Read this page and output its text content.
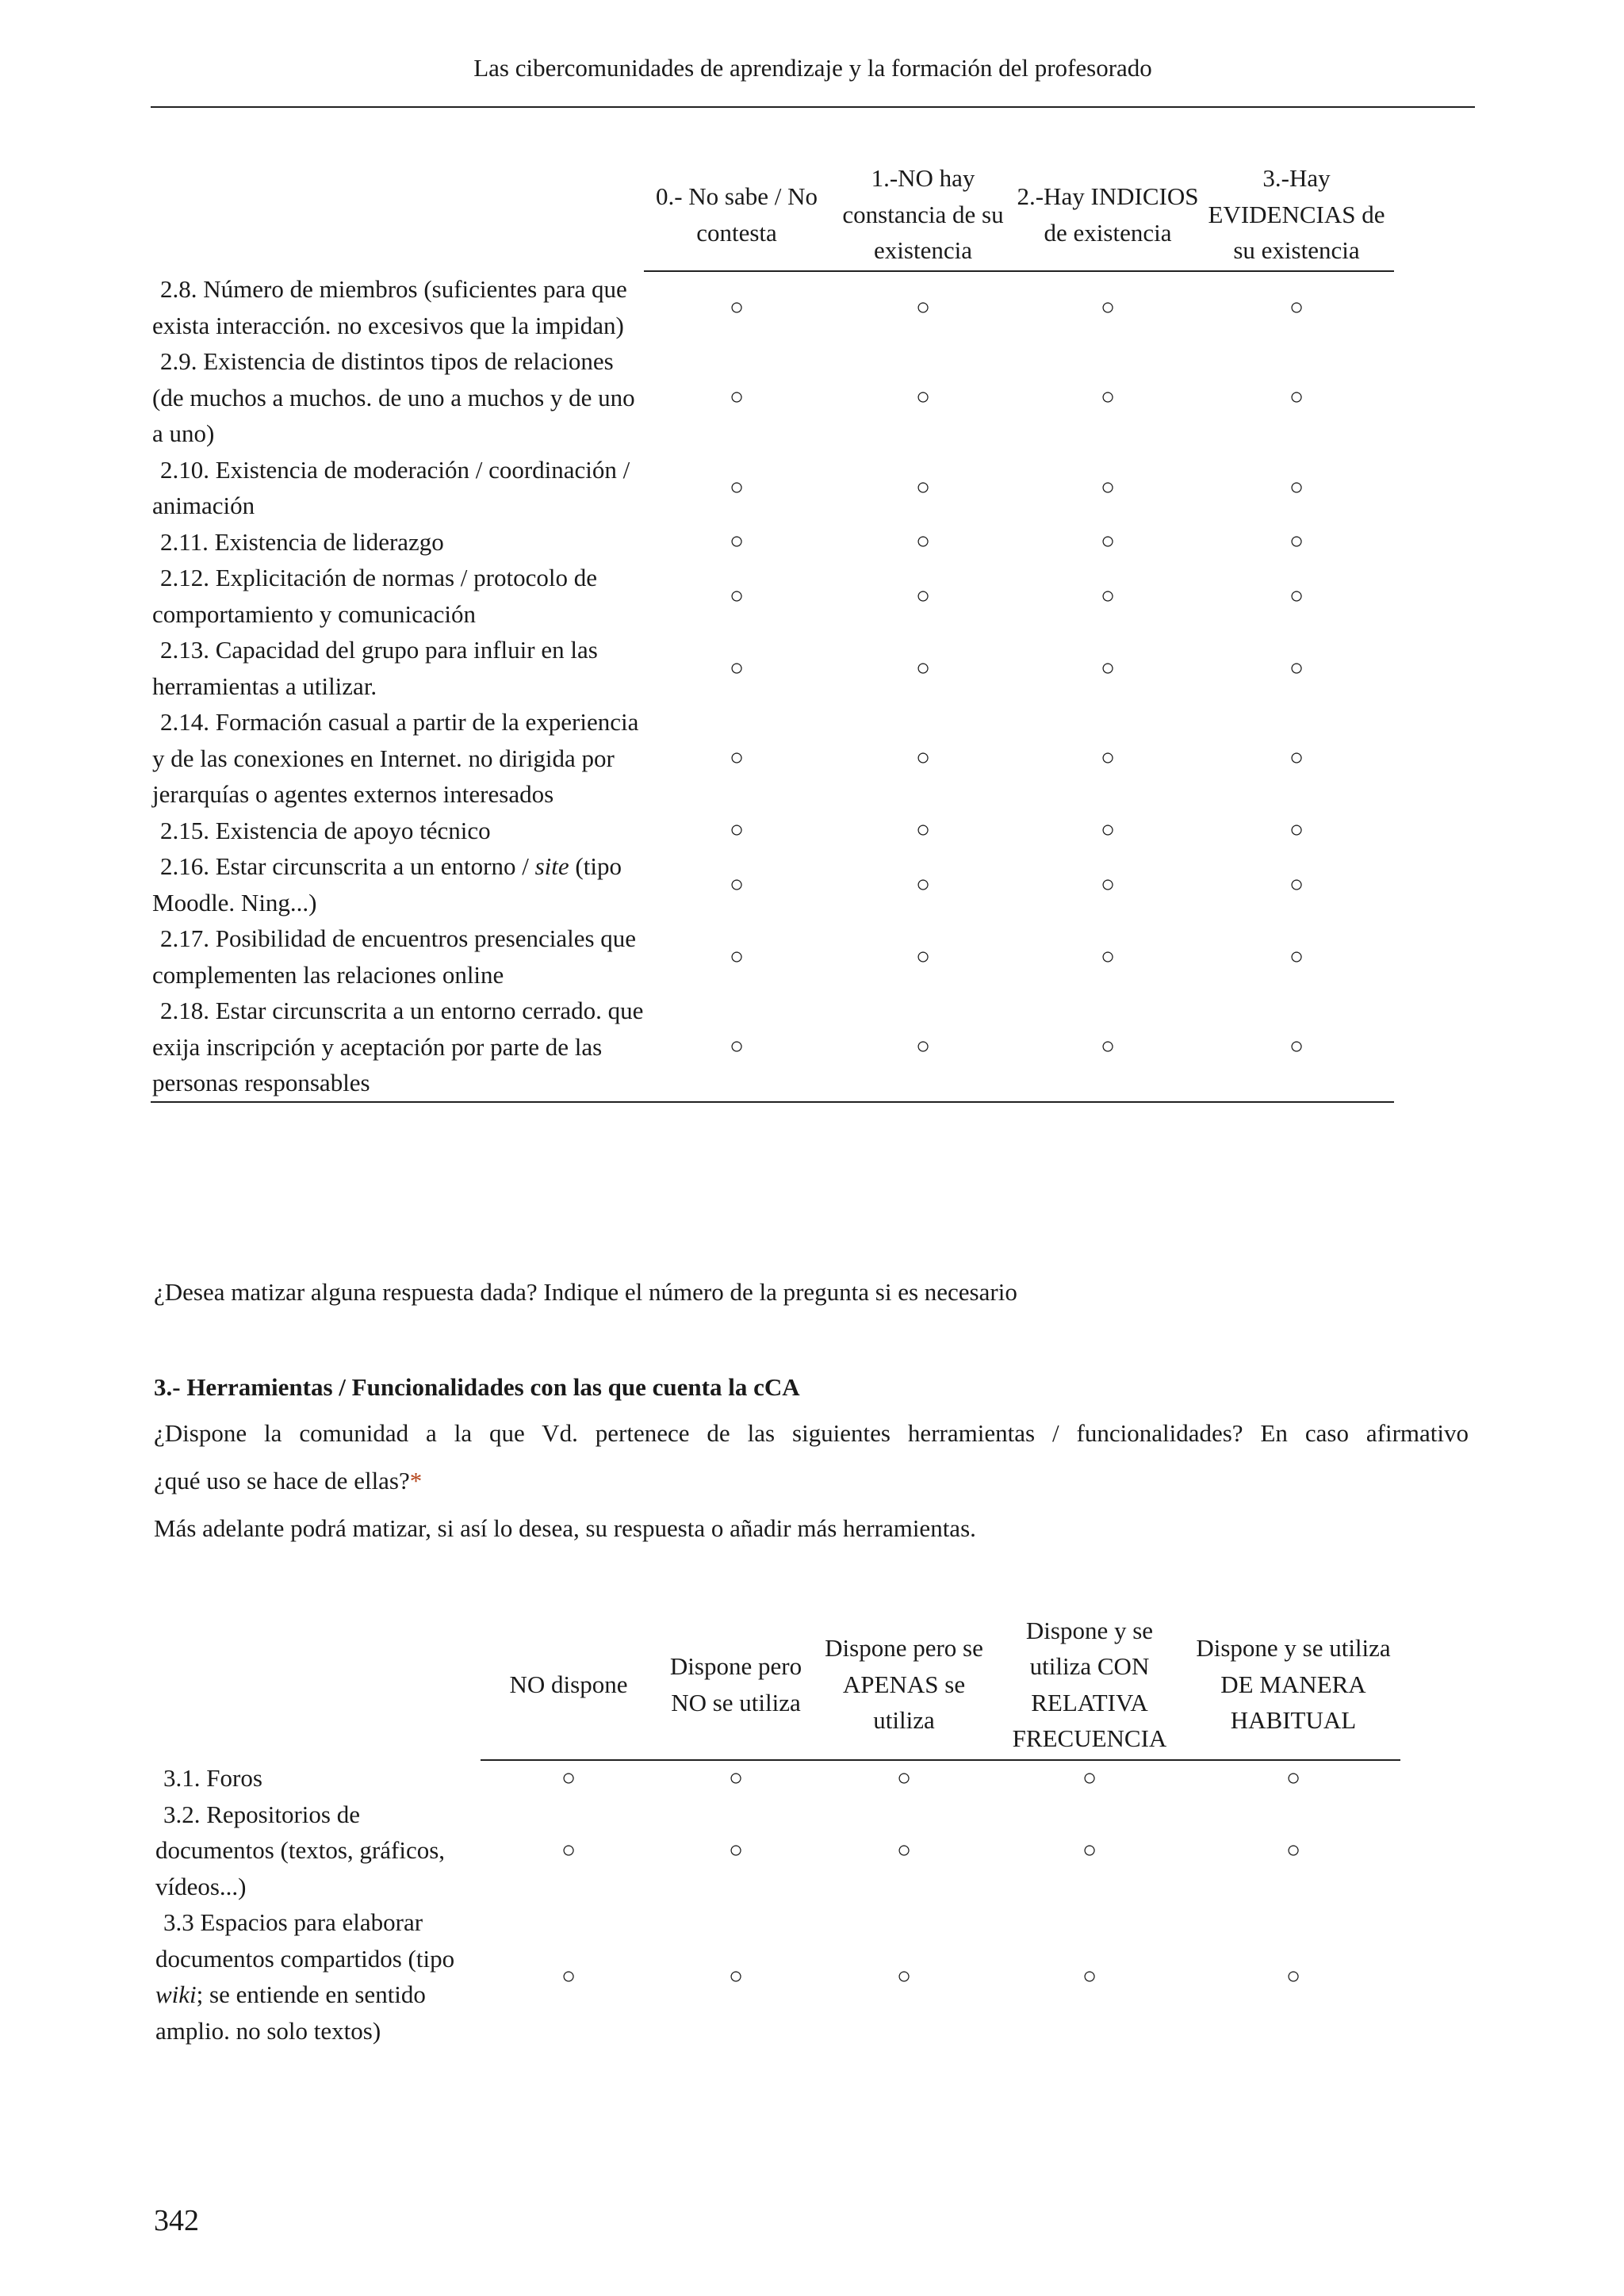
Las cibercomunidades de aprendizaje y la formación del profesorado
	0.- No sabe / No contesta	1.-NO hay constancia de su existencia	2.-Hay INDICIOS de existencia	3.-Hay EVIDENCIAS de su existencia
2.8. Número de miembros (suficientes para que exista interacción. no excesivos que la impidan)	○	○	○	○
2.9. Existencia de distintos tipos de relaciones (de muchos a muchos. de uno a muchos y de uno a uno)	○	○	○	○
2.10. Existencia de moderación / coordinación / animación	○	○	○	○
2.11. Existencia de liderazgo	○	○	○	○
2.12. Explicitación de normas / protocolo de comportamiento y comunicación	○	○	○	○
2.13. Capacidad del grupo para influir en las herramientas a utilizar.	○	○	○	○
2.14. Formación casual a partir de la experiencia y de las conexiones en Internet. no dirigida por jerarquías o agentes externos interesados	○	○	○	○
2.15. Existencia de apoyo técnico	○	○	○	○
2.16. Estar circunscrita a un entorno / site (tipo Moodle. Ning...)	○	○	○	○
2.17. Posibilidad de encuentros presenciales que complementen las relaciones online	○	○	○	○
2.18. Estar circunscrita a un entorno cerrado. que exija inscripción y aceptación por parte de las personas responsables	○	○	○	○
¿Desea matizar alguna respuesta dada? Indique el número de la pregunta si es necesario
3.- Herramientas / Funcionalidades con las que cuenta la cCA
¿Dispone la comunidad a la que Vd. pertenece de las siguientes herramientas / funcionalidades? En caso afirmativo
¿qué uso se hace de ellas?*
Más adelante podrá matizar, si así lo desea, su respuesta o añadir más herramientas.
	NO dispone	Dispone pero NO se utiliza	Dispone pero se APENAS se utiliza	Dispone y se utiliza CON RELATIVA FRECUENCIA	Dispone y se utiliza DE MANERA HABITUAL
3.1. Foros	○	○	○	○	○
3.2. Repositorios de documentos (textos, gráficos, vídeos...)	○	○	○	○	○
3.3 Espacios para elaborar documentos compartidos (tipo wiki; se entiende en sentido amplio. no solo textos)	○	○	○	○	○
342
